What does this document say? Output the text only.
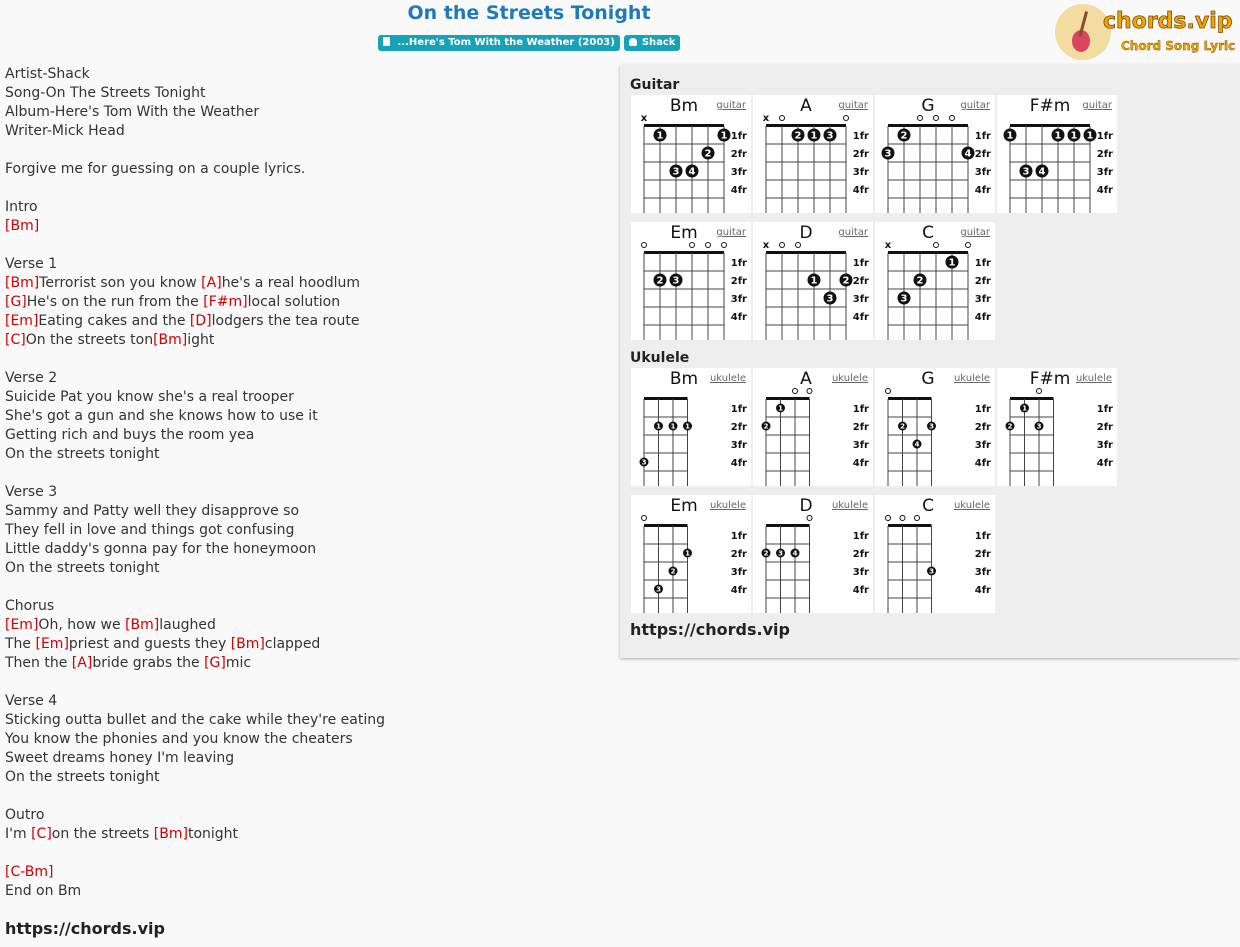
On the Streets Tonight
...Here's Tom With the Weather (2003)	Shack
chords.vip
Chord Song Lyric
Artist-Shack
Song-On The Streets Tonight
Album-Here's Tom With the Weather
Writer-Mick Head
Forgive me for guessing on a couple lyrics.
Intro
[Bm]
Verse 1
[Bm]Terrorist son you know [A]he's a real hoodlum
[G]He's on the run from the [F#m]local solution
[Em]Eating cakes and the [D]lodgers the tea route
[C]On the streets ton[Bm]ight
Verse 2
Suicide Pat you know she's a real trooper
She's got a gun and she knows how to use it
Getting rich and buys the room yea
On the streets tonight
Verse 3
Sammy and Patty well they disapprove so
They fell in love and things got confusing
Little daddy's gonna pay for the honeymoon
On the streets tonight
Chorus
[Em]Oh, how we [Bm]laughed
The [Em]priest and guests they [Bm]clapped
Then the [A]bride grabs the [G]mic
Verse 4
Sticking outta bullet and the cake while they're eating
You know the phonies and you know the cheaters
Sweet dreams honey I'm leaving
On the streets tonight
Outro
I'm [C]on the streets [Bm]tonight
[C-Bm]
End on Bm
https://chords.vip
Guitar
Ukulele
https://chords.vip
Bm	guitar
x
1fr
2fr
3fr
4fr
1	1
2
3 4
A	guitar
x
1fr
2fr
3fr
4fr
2 1 3
G	guitar
1fr
2fr
3fr
4fr
2
3	4
F#m	guitar
1fr
2fr
3fr
4fr
1	1 1 1
3 4
Em	guitar
1fr
2fr
3fr
4fr
2 3
D	guitar
x
1fr
2fr
3fr
4fr
1	2
3
C	guitar
x
1fr
2fr
3fr
4fr
1
2
3
Bm	ukulele
1fr
2fr
3fr
4fr
1 1 1
3
A	ukulele
1fr
2fr
3fr
4fr
1
2
G	ukulele
1fr
2fr
3fr
4fr
2	3
4
F#m ukulele
1fr
2fr
3fr
4fr
1
2	3
Em	ukulele
1fr
2fr
3fr
4fr
1
2
3
D	ukulele
1fr
2fr
3fr
4fr
2 3 4
C	ukulele
1fr
2fr
3fr
4fr
3
